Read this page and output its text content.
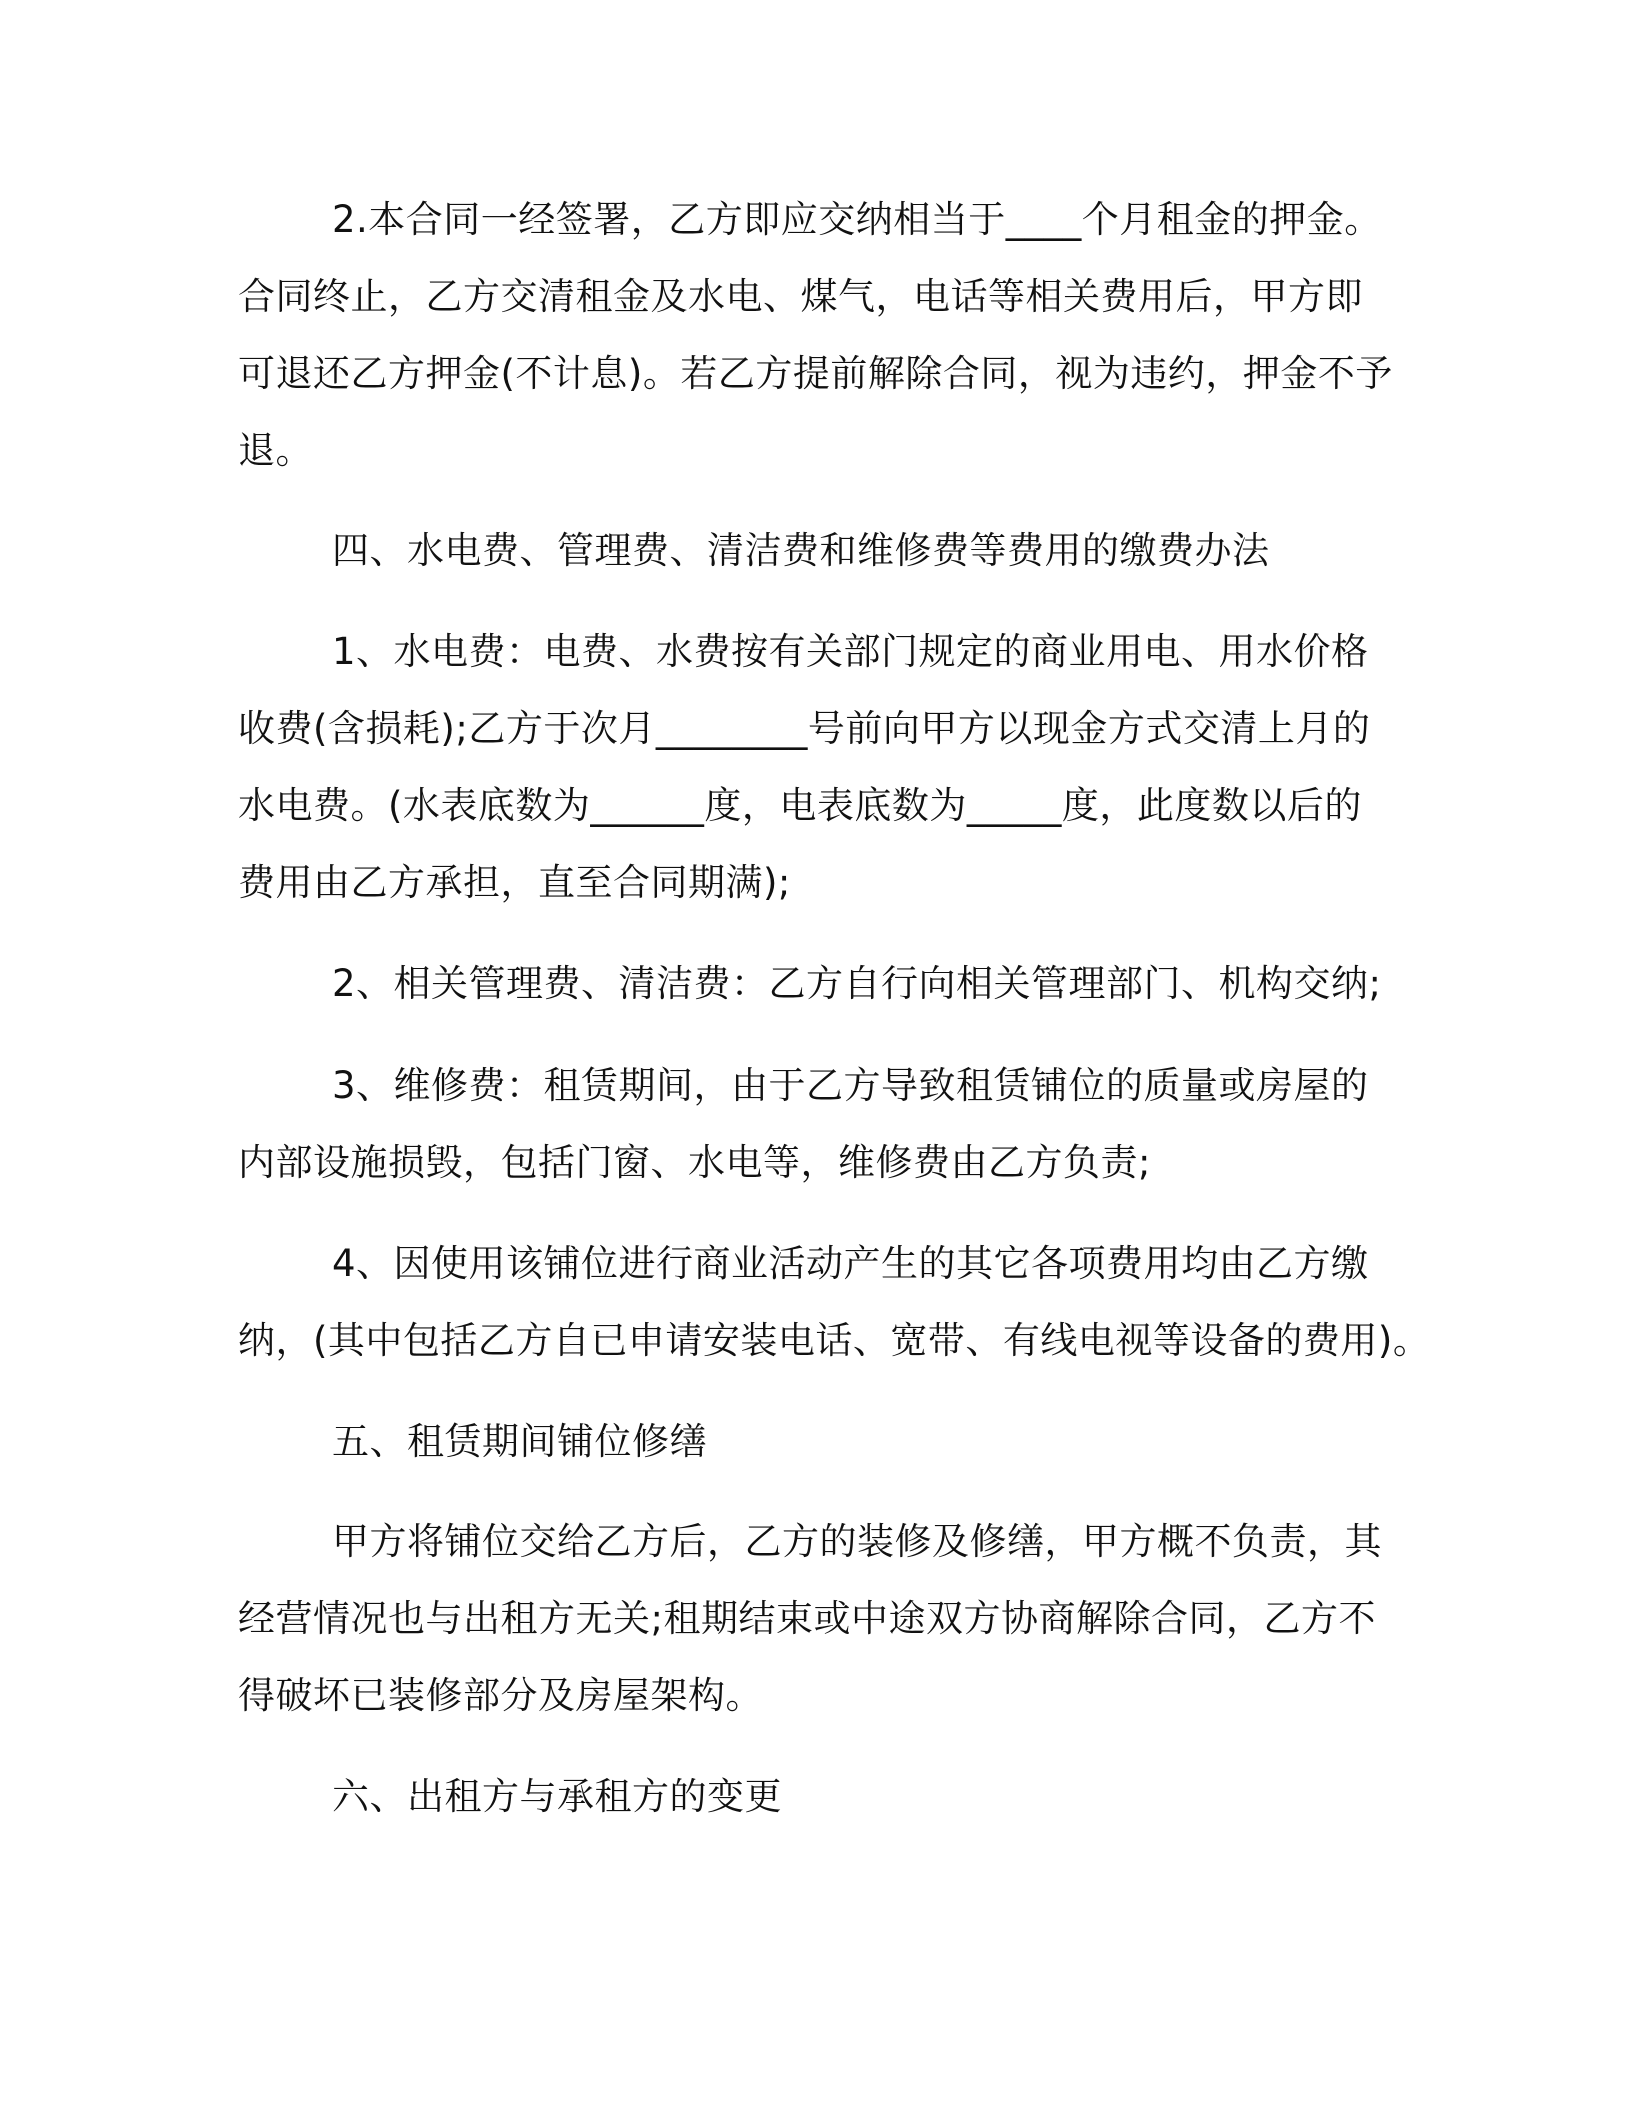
2.本合同一经签署，乙方即应交纳相当于____个月租金的押金。
合同终止，乙方交清租金及水电、煤气，电话等相关费用后，甲方即
可退还乙方押金(不计息)。若乙方提前解除合同，视为违约，押金不予
退。
四、水电费、管理费、清洁费和维修费等费用的缴费办法
1、水电费：电费、水费按有关部门规定的商业用电、用水价格
收费(含损耗);乙方于次月________号前向甲方以现金方式交清上月的
水电费。(水表底数为______度，电表底数为_____度，此度数以后的
费用由乙方承担，直至合同期满);
2、相关管理费、清洁费：乙方自行向相关管理部门、机构交纳;
3、维修费：租赁期间，由于乙方导致租赁铺位的质量或房屋的
内部设施损毁，包括门窗、水电等，维修费由乙方负责;
4、因使用该铺位进行商业活动产生的其它各项费用均由乙方缴
纳，(其中包括乙方自已申请安装电话、宽带、有线电视等设备的费用)。
五、租赁期间铺位修缮
甲方将铺位交给乙方后，乙方的装修及修缮，甲方概不负责，其
经营情况也与出租方无关;租期结束或中途双方协商解除合同，乙方不
得破坏已装修部分及房屋架构。
六、出租方与承租方的变更
